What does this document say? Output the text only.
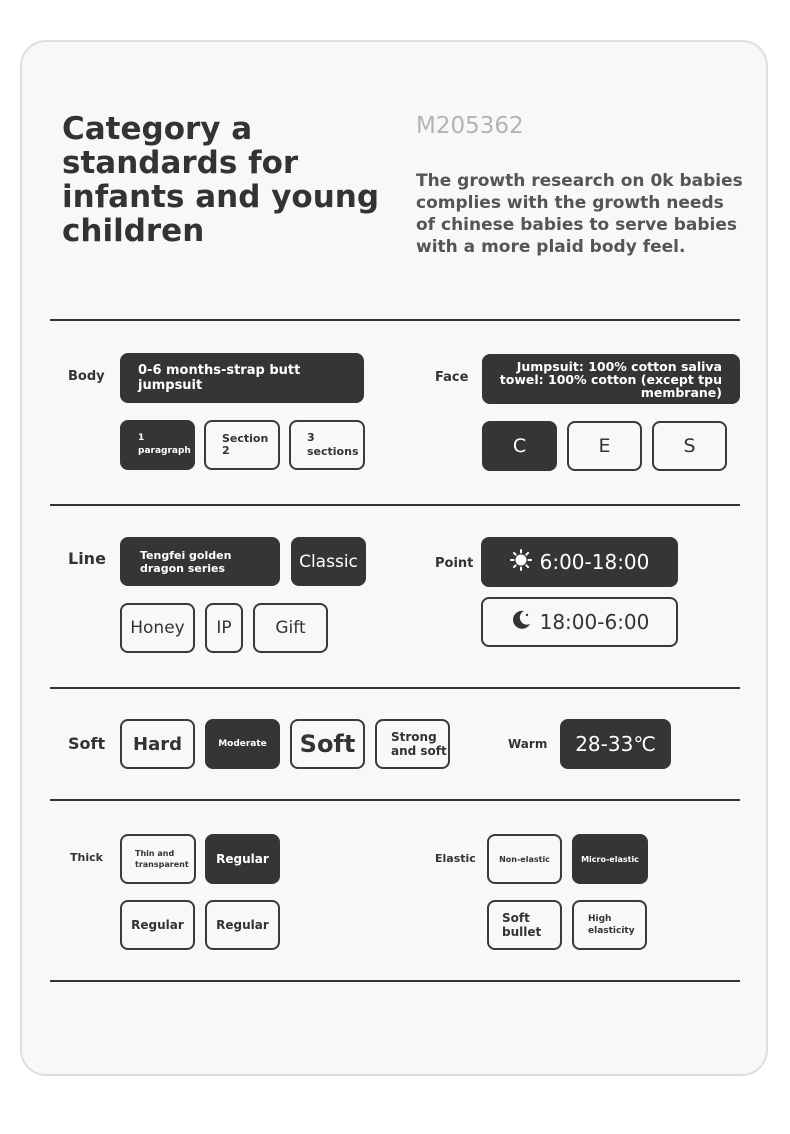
Category a standards for infants and young children
M205362
The growth research on 0k babies complies with the growth needs of chinese babies to serve babies with a more plaid body feel.
Body	0-6 months-strap butt jumpsuit
1 paragraph
Section 2
3 sections
Face
Jumpsuit: 100% cotton saliva towel: 100% cotton (except tpu membrane)
C	E	S
Line	Tengfei golden dragon series	Classic
Honey	IP	Gift
Point	6:00-18:00
18:00-6:00
Soft	Hard	Moderate	Soft	Strong and soft	Warm	28-33℃
Thick	Thin and transparent	Regular
Regular	Regular
Elastic	Non-elastic	Micro-elastic
Soft bullet
High elasticity
